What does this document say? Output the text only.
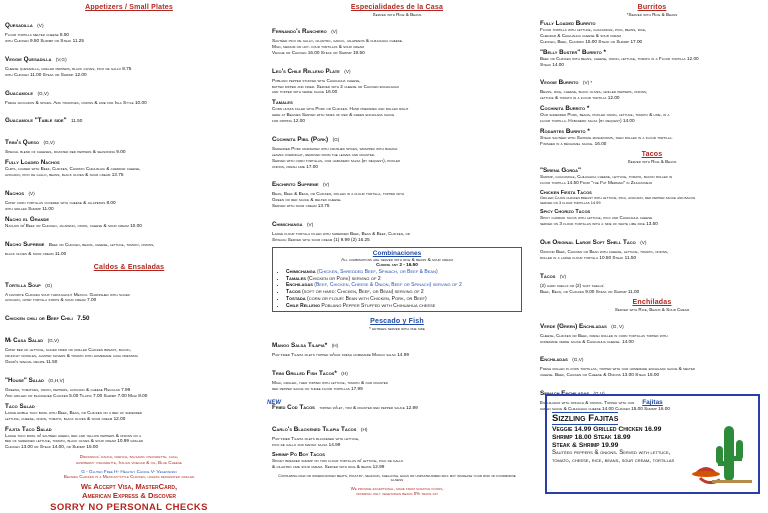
Appetizers / Small Plates
Quesadilla (V)
Flour tortilla melted cheese 8.50
with Chicken 9.50 Shrimp or Steak 11.25
Veggie Quesadilla (V,G)
Cheese quesadilla, grilled peppers, black olives, pico de gallo 8.75
with Chicken 11.00 Steak or Shrimp 12.00
Guacamole (G,V)
Fresh avocados & spices. Add tomatoes, onions & lime for Isla Style 10.00
Guacamole "Table side" 11.50
Trini's Queso (G,V)
Special blend of cheeses, roasted red peppers & seasoning 9.00
Fully Loaded Nachos
Chips, loaded with Beef, Chicken, Chorizo Chihuahua & cheddar cheese,
avocado, pico de gallo, beans, black olives & sour cream 13.75
Nachos (V)
Crisp corn tortillas covered with cheese & jalapenos 8.00
with grilled Shrimp 11.00
Nacho el Grande
Nachos w/ Beef or Chicken, jalapeno, onion, cheese & sour cream 10.00
Nacho Supreme Beef or Chicken, beans, cheese, lettuce, tomato, onions,
black olives & sour cream 11.00
Caldos & Ensaladas
Tortilla Soup (G)
A favorite Chicken soup throughout Mexico. Garnished with sliced
avocado, crisp tortilla strips & sour cream 7.00
Chicken chili or Beef Chili 7.50
Mi Casa Salad (G,V)
Crisp bed of lettuce, sliced fried or grilled Chicken breast, bacon,
crunchy noodles, almond slivers & tomato with homemade casa dressing
Gram's special recipe 11.50
"House" Salad (G,H,V)
Greens, tomatoes, onion, peppers, avocado & cheese Regular 7.99
Add grilled or blackened Chicken 5.00 Tilapia 7.00 Shrimp 7.00 Mahi 8.00
Taco Salad
Large edible taco bowl with Beef, Bean, or Chicken on a bed of shredded
lettuce, cheese, onion, tomato, black olives & sour cream 12.00
Fajita Taco Salad
Large taco bowl w/ sautéed green, red and yellow peppers & onions on a
bed of shredded lettuce, tomato, black olives & sour cream 10.99 grilled
Chicken 13.00 or Steak 14.00, or Shrimp 15.00
Dressings: ranch, french, balsamic vinaigrette, casa,
raspberry vinaigrette, Italian vinegar & oil, Blue Cheese
G - Gluten Free H- Healthy Choice V- Vegetarian
Beanies Chicken is a Mexican-style Chicken, unless designated grilled
We Accept Visa, MasterCard,
American Express & Discover
SORRY NO PERSONAL CHECKS
Especialidades de la Casa
Served with Rice & Beans
Fernando's Ranchero (V)
Sautéed pico de gallo, cilantro, garlic, jalapenos & chihuahua cheese.
Mild, medium or hot. four tortillas & sour cream
Veggie or Chicken 16.00 Steak or Shrimp 19.50
Leo's Chile Relleno Plate (V)
Poblano pepper stuffed with Chihuahua cheese,
batter dipped and fried. Served with 2 cheese or Chicken enchiladas
and topped with verde sauce 16.00
Tamales
Corn husks filled with Pork or Chicken. Hand prepared and rolled right
here at Beanies Served with sides of red & green enchilada sauce
for dipping 12.00
Cochinita Pibil (Pork) (G)
Shredded Pork marinated with crushed spices, wrapped with banana
leaves overnight, removed from the leaves and roasted.
Served with corn tortillas, our habanero salsa (by request), pickled
onions, fresh lime 17.00
Enchirito Supreme (V)
Bean, Beef & Bean, or Chicken, rolled in a flour tortilla, topped with
Green or red sauce & melted cheese.
Served with sour cream 13.75
Chimichanga (V)
Large flour tortilla filled with shredded Beef, Bean & Beef, Chicken, or
Spinach Served with sour cream (1) 9.99 (2) 16.25
Combinaciones
All combinations are served with rice & beans & sour cream
Choose any 2 - 16.50
• Chimichanga (Chicken, Shredded Beef, Spinach, or Beef & Bean)
• Tamales (Chicken or Pork) serving of 2
• Enchiladas (Beef, Chicken, Cheese & Onion, Beef or Spinach) serving of 2
• Tacos (soft or hard: Chicken, Beef, or Bean) serving of 2
• Tostada (corn or flour: Bean with Chicken, Pork, or Beef)
• Chile Relleno Poblano Pepper Stuffed with Chihuahua cheese
Pescado y Fish
* entrees served with one side
Mango Salsa Tilapia* (H)
Pan-fried Tilapia filets topped w/our fresh homemade Mango salsa 14.99
Trini Grilled Fish Tacos* (H)
Mahi, grilled, then topped with lettuce, tomato & our roasted
red pepper sauce on three flour tortillas 17.99
Fried Cod Tacos topped w/let, tom & roasted red pepper sauce 12.99
Carlo's Blackened Tilapia Tacos (H)
Pan-fried Tilapia filets blackened with lettuce,
pico de gallo and mango salsa 14.99
Shrimp Po Boy Tacos
Spicey breaded shrimp on two flour tortillas w/ lettuce, pico de gallo
& cilantro lime sour cream. Served with rice & beans 12.99
Consuming raw or undercooked meats, poultry, seafood, shellfish, eggs or unpasteurized milk may increase your risk of foodborne illness
We provide exceptional, made from scratch foods,
offering only vegetarian beans 0% trans fat
NEW
Burritos
*Served with Rice & Beans
Fully Loaded Burrito
Flour tortilla with lettuce, guacamole, pico, beans, rice,
Cheddar & Chihuahua cheese & sour cream
Chicken, Beef, Chorizo 15.00 Steak or Shrimp 17.00
"Belly Buster" Burrito *
Beef or Chicken with beans, cheese, onion, lettuce, tomato in a Flour tortilla 12.00
Steak 14.00
Veggie Burrito (V) *
Beans, rice, cheese, black olives, grilled peppers, onions,
lettuce & tomato in a flour tortilla 12.00
Cochinita Burrito *
Our shredded Pork, beans, pickled onion, lettuce, tomato & lime, in a
flour tortilla. Habanero salsa (by request) 14.00
Rodartes Burrito *
Steak sautéed with Shiitake mushrooms, then rolled in a flour tortilla.
Finished in a béchamel sauce. 16.00
Tacos
Served with Rice & Beans
"Sirena Gorda"
Shrimp, guacamole, Chihuahua cheese, lettuce, tomato, bacon rolled in
flour tortilla 14.50 From "the Fat Mermaid" in Zihuatanejo
Chicken Fiesta Tacos
Grilled Cajun chicken breast with lettuce, pico, avocado, red pepper sauce and bacon
served on 3 flour tortillas 14.99
Spicy Chorizo Tacos
Spicy chorizo tacos with lettuce, pico and Chihuahua cheese
served on 3 flour tortillas with a side of white lime rice 13.50
Our Original Large Soft Shell Taco (V)
Ground Beef, Chicken or Bean with cheese, lettuce, tomato, onions,
rolled in a large flour tortilla 10.50 Steak 11.50
Tacos (V)
(2) hard shells or (2) soft shells:
Beef, Bean, or Chicken 9.00 Steak or Shrimp 11.00
Enchiladas
Served with Rice, Beans & Sour Cream
Verde (Green) Enchiladas (G, V)
Cheese, Chicken or Beef, fresh rolled in corn tortillas topped with
homemade verde sauce & Chihuahua cheese. 14.00
Enchiladas (G,V)
Fresh rolled in corn tortillas, topped with our homemade enchilada sauce & melted
cheese. Beef, Chicken or Cheese & Onions 13.00 Steak 15.00
Spinach Enchiladas (G,V)
Enchiladas with spinach & onions. Topped with our
green sauce & Chihuahua cheese 14.00 Chicken 15.00 Shrimp 16.00
Fajitas
Sizzling Fajitas
Veggie 14.99 Grilled Chicken 16.99
Shrimp 18.00 Steak 18.99
Steak & Shrimp 19.99
Sautéed peppers & onions. Served with lettuce, tomato, cheese, rice, beans, sour cream, tortillas
